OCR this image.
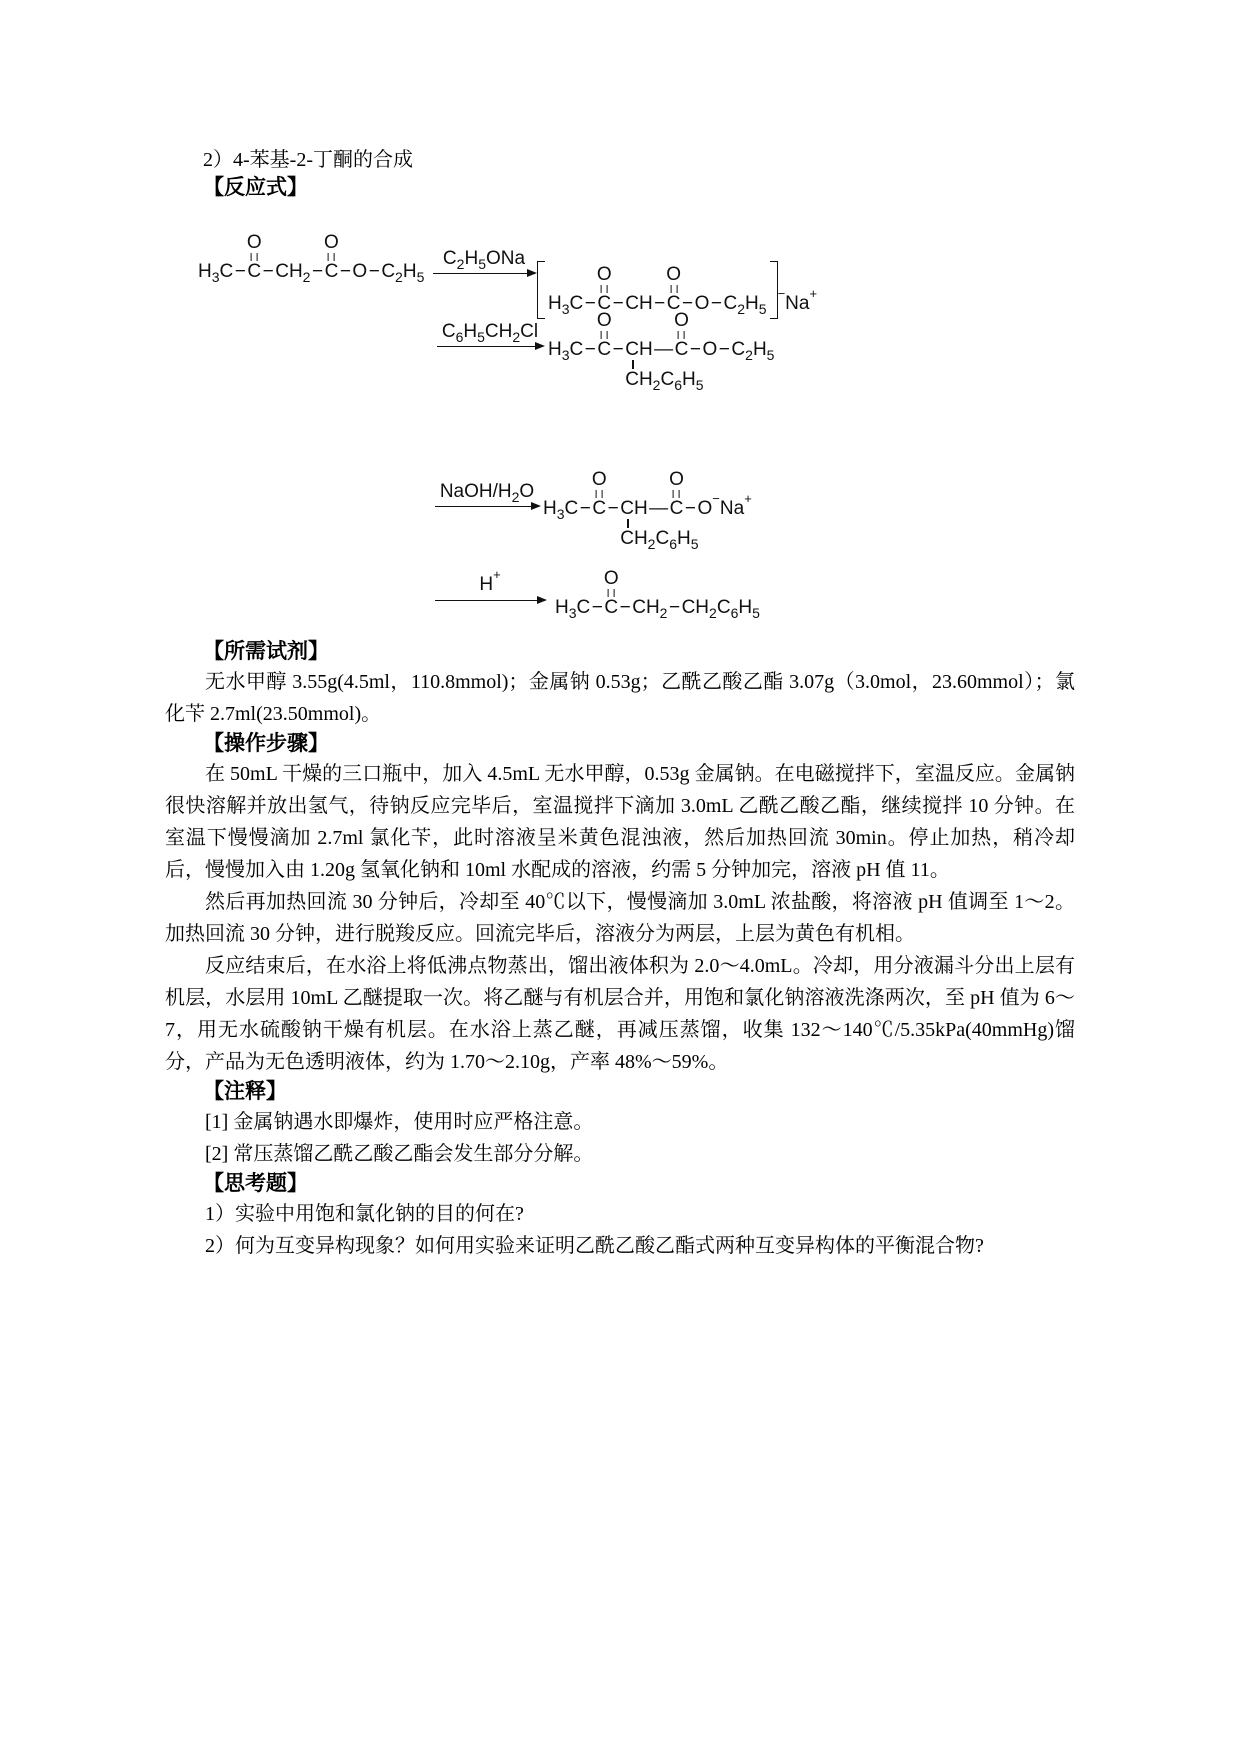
2）4-苯基-2-丁酮的合成

【反应式】
$H_3C-$
O
$C-CH_2-$
O
$C-O-C_2H_5$
$C_2H_5ONa$
$H_3C-$
O
C−CH−
O
$C-O-C_2H_5^-Na^+$
$C_6H_5CH_2Cl$
$H_3C-$
O
C−CH
$CH_2C_6H_5$
—
O
$C-O-C_2H_5$
NaOH/$H_2O$
$H_3C-$
O
C−CH
$CH_2C_6H_5$
—
O
C−O−Na+
H+
$H_3C-$
O
$C-CH_2-CH_2C_6H_5$
【所需试剂】

无水甲醇 3.55g(4.5ml，110.8mmol)；金属钠 0.53g；乙酰乙酸乙酯 3.07g（3.0mol，23.60mmol）；氯化苄 2.7ml(23.50mmol)。

【操作步骤】

在 50mL 干燥的三口瓶中，加入 4.5mL 无水甲醇，0.53g 金属钠。在电磁搅拌下，室温反应。金属钠很快溶解并放出氢气，待钠反应完毕后，室温搅拌下滴加 3.0mL 乙酰乙酸乙酯，继续搅拌 10 分钟。在室温下慢慢滴加 2.7ml 氯化苄，此时溶液呈米黄色混浊液，然后加热回流 30min。停止加热，稍冷却后，慢慢加入由 1.20g 氢氧化钠和 10ml 水配成的溶液，约需 5 分钟加完，溶液 pH 值 11。

然后再加热回流 30 分钟后，冷却至 40℃以下，慢慢滴加 3.0mL 浓盐酸，将溶液 pH 值调至 1～2。加热回流 30 分钟，进行脱羧反应。回流完毕后，溶液分为两层，上层为黄色有机相。

反应结束后，在水浴上将低沸点物蒸出，馏出液体积为 2.0～4.0mL。冷却，用分液漏斗分出上层有机层，水层用 10mL 乙醚提取一次。将乙醚与有机层合并，用饱和氯化钠溶液洗涤两次，至 pH 值为 6～7，用无水硫酸钠干燥有机层。在水浴上蒸乙醚，再减压蒸馏，收集 132～140℃/5.35kPa(40mmHg)馏分，产品为无色透明液体，约为 1.70～2.10g，产率 48%～59%。

【注释】

[1] 金属钠遇水即爆炸，使用时应严格注意。

[2] 常压蒸馏乙酰乙酸乙酯会发生部分分解。

【思考题】

1）实验中用饱和氯化钠的目的何在?

2）何为互变异构现象？如何用实验来证明乙酰乙酸乙酯式两种互变异构体的平衡混合物?
